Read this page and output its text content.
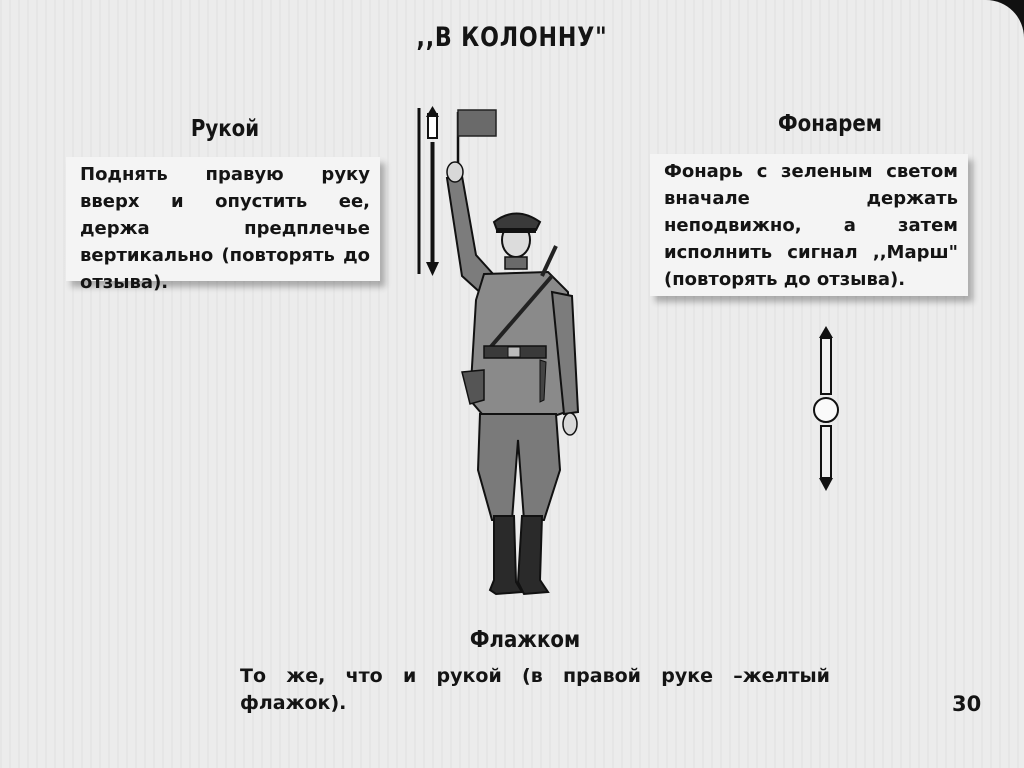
,,В КОЛОННУ"
Рукой

Поднять правую руку вверх и опустить ее, держа предплечье вертикально (повторять до отзыва).

Фонарем

Фонарь с зеленым светом вначале держать неподвижно, а затем исполнить сигнал ,,Марш" (повторять до отзыва).

Флажком
То же, что и рукой (в правой руке –желтый флажок).	30
